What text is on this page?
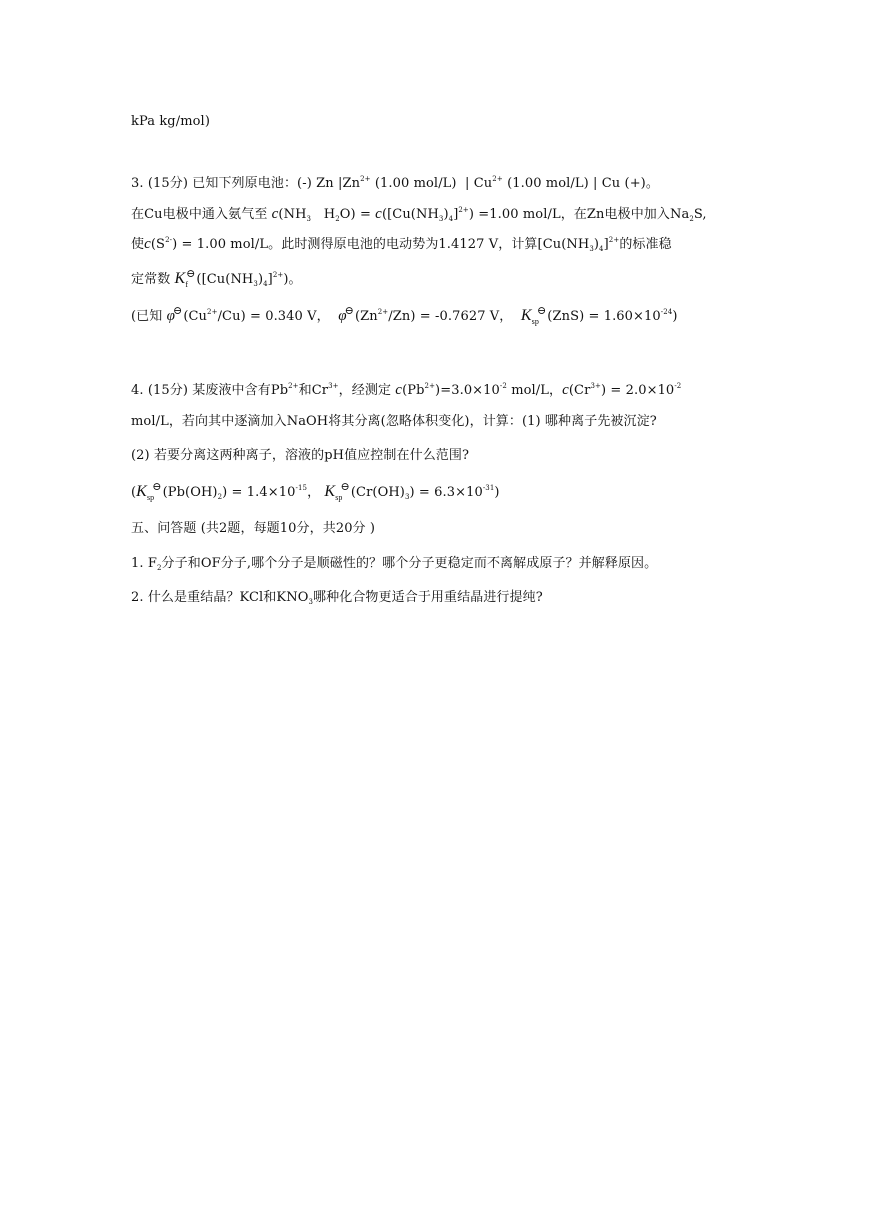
kPa kg/mol)
3. (15分) 已知下列原电池：(-) Zn $|Zn^{2+}$ (1.00 mol/L) | $Cu^{2+}$ (1.00 mol/L) | Cu (+)。
在Cu电极中通入氨气至 $c(NH_3 \cdot H_2O) = c([Cu(NH_3)_4]^{2+}) =1.00$ mol/L，在Zn电极中加入$Na_2S$,
使$c(S^{2-}) = 1.00$ mol/L。此时测得原电池的电动势为1.4127 V，计算$[Cu(NH_3)_4]^{2+}$的标准稳
定常数 $K_f^⊖([Cu(NH_3)_4]^{2+})$。
(已知 $\varphi^⊖(Cu^{2+}/Cu) = 0.340$ V， $\varphi^⊖(Zn^{2+}/Zn) = -0.7627$ V， $K_{sp}^⊖(ZnS) = 1.60\times 10^{-24}$)
4. (15分) 某废液中含有$Pb^{2+}$和$Cr^{3+}$，经测定 $c(Pb^{2+})=3.0\times 10^{-2}$ mol/L，$c(Cr^{3+}) = 2.0\times 10^{-2}$
mol/L，若向其中逐滴加入NaOH将其分离(忽略体积变化)，计算：(1) 哪种离子先被沉淀?
(2) 若要分离这两种离子，溶液的pH值应控制在什么范围?
($K_{sp}^⊖(Pb(OH)_2) = 1.4\times 10^{-15}$， $K_{sp}^⊖(Cr(OH)_3) = 6.3\times 10^{-31}$)
五、问答题 (共2题，每题10分，共20分 )
1. $F_2$分子和OF分子,哪个分子是顺磁性的？哪个分子更稳定而不离解成原子？并解释原因。
2. 什么是重结晶？KCl和$KNO_3$哪种化合物更适合于用重结晶进行提纯?
